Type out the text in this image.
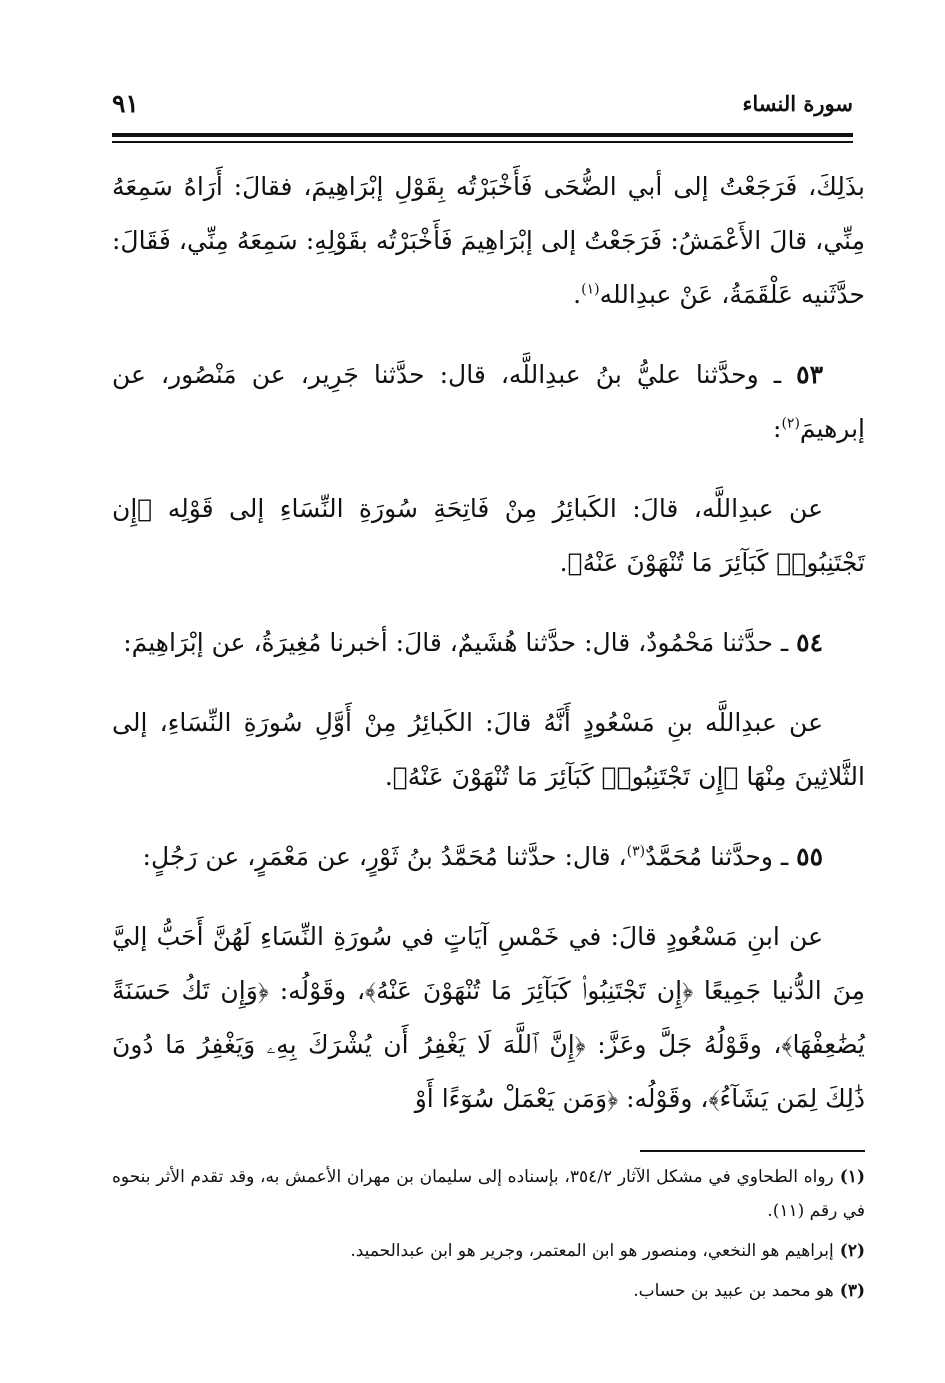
سورة النساء
٩١

بذَلِكَ، فَرَجَعْتُ إلى أبي الضُّحَى فَأَخْبَرْتُه بِقَوْلِ إبْرَاهِيمَ، فقالَ: أَرَاهُ سَمِعَهُ مِنِّي، قالَ الأَعْمَشُ: فَرَجَعْتُ إلى إبْرَاهِيمَ فَأَخْبَرْتُه بقَوْلِهِ: سَمِعَهُ مِنِّي، فَقَالَ: حدَّثَنيه عَلْقَمَةُ، عَنْ عبدِالله$^{(١)}$.

٥٣ ـ وحدَّثنا عليُّ بنُ عبدِاللَّه، قال: حدَّثنا جَرِير، عن مَنْصُور، عن إبرهيمَ$^{(٢)}$:

عن عبدِاللَّه، قالَ: الكَبائِرُ مِنْ فَاتِحَةِ سُورَةِ النِّسَاءِ إلى قَوْلِه ﴿إِن تَجْتَنِبُوا۟ كَبَآئِرَ مَا تُنْهَوْنَ عَنْهُ﴾.

٥٤ ـ حدَّثنا مَحْمُودٌ، قال: حدَّثنا هُشَيمٌ، قالَ: أخبرنا مُغِيرَةُ، عن إبْرَاهِيمَ:

عن عبدِاللَّه بنِ مَسْعُودٍ أَنَّهُ قالَ: الكَبائِرُ مِنْ أَوَّلِ سُورَةِ النِّسَاءِ، إلى الثَّلاثِينَ مِنْهَا ﴿إِن تَجْتَنِبُوا۟ كَبَآئِرَ مَا تُنْهَوْنَ عَنْهُ﴾.

٥٥ ـ وحدَّثنا مُحَمَّدٌ$^{(٣)}$، قال: حدَّثنا مُحَمَّدُ بنُ ثَوْرٍ، عن مَعْمَرٍ، عن رَجُلٍ:

عن ابنِ مَسْعُودٍ قالَ: في خَمْسِ آيَاتٍ في سُورَةِ النِّسَاءِ لَهُنَّ أَحَبُّ إليَّ مِنَ الدُّنيا جَمِيعًا ﴿إِن تَجْتَنِبُوا۟ كَبَآئِرَ مَا تُنْهَوْنَ عَنْهُ﴾، وقَوْلُه: ﴿وَإِن تَكُ حَسَنَةً يُضَٰعِفْهَا﴾، وقَوْلُهُ جَلَّ وعَزَّ: ﴿إِنَّ ٱللَّهَ لَا يَغْفِرُ أَن يُشْرَكَ بِهِۦ وَيَغْفِرُ مَا دُونَ ذَٰلِكَ لِمَن يَشَآءُ﴾، وقَوْلُه: ﴿وَمَن يَعْمَلْ سُوٓءًا أَوْ

(١)رواه الطحاوي في مشكل الآثار ٣٥٤/٢، بإسناده إلى سليمان بن مهران الأعمش به، وقد تقدم الأثر بنحوه في رقم (١١).

(٢)إبراهيم هو النخعي، ومنصور هو ابن المعتمر، وجرير هو ابن عبدالحميد.

(٣)هو محمد بن عبيد بن حساب.
